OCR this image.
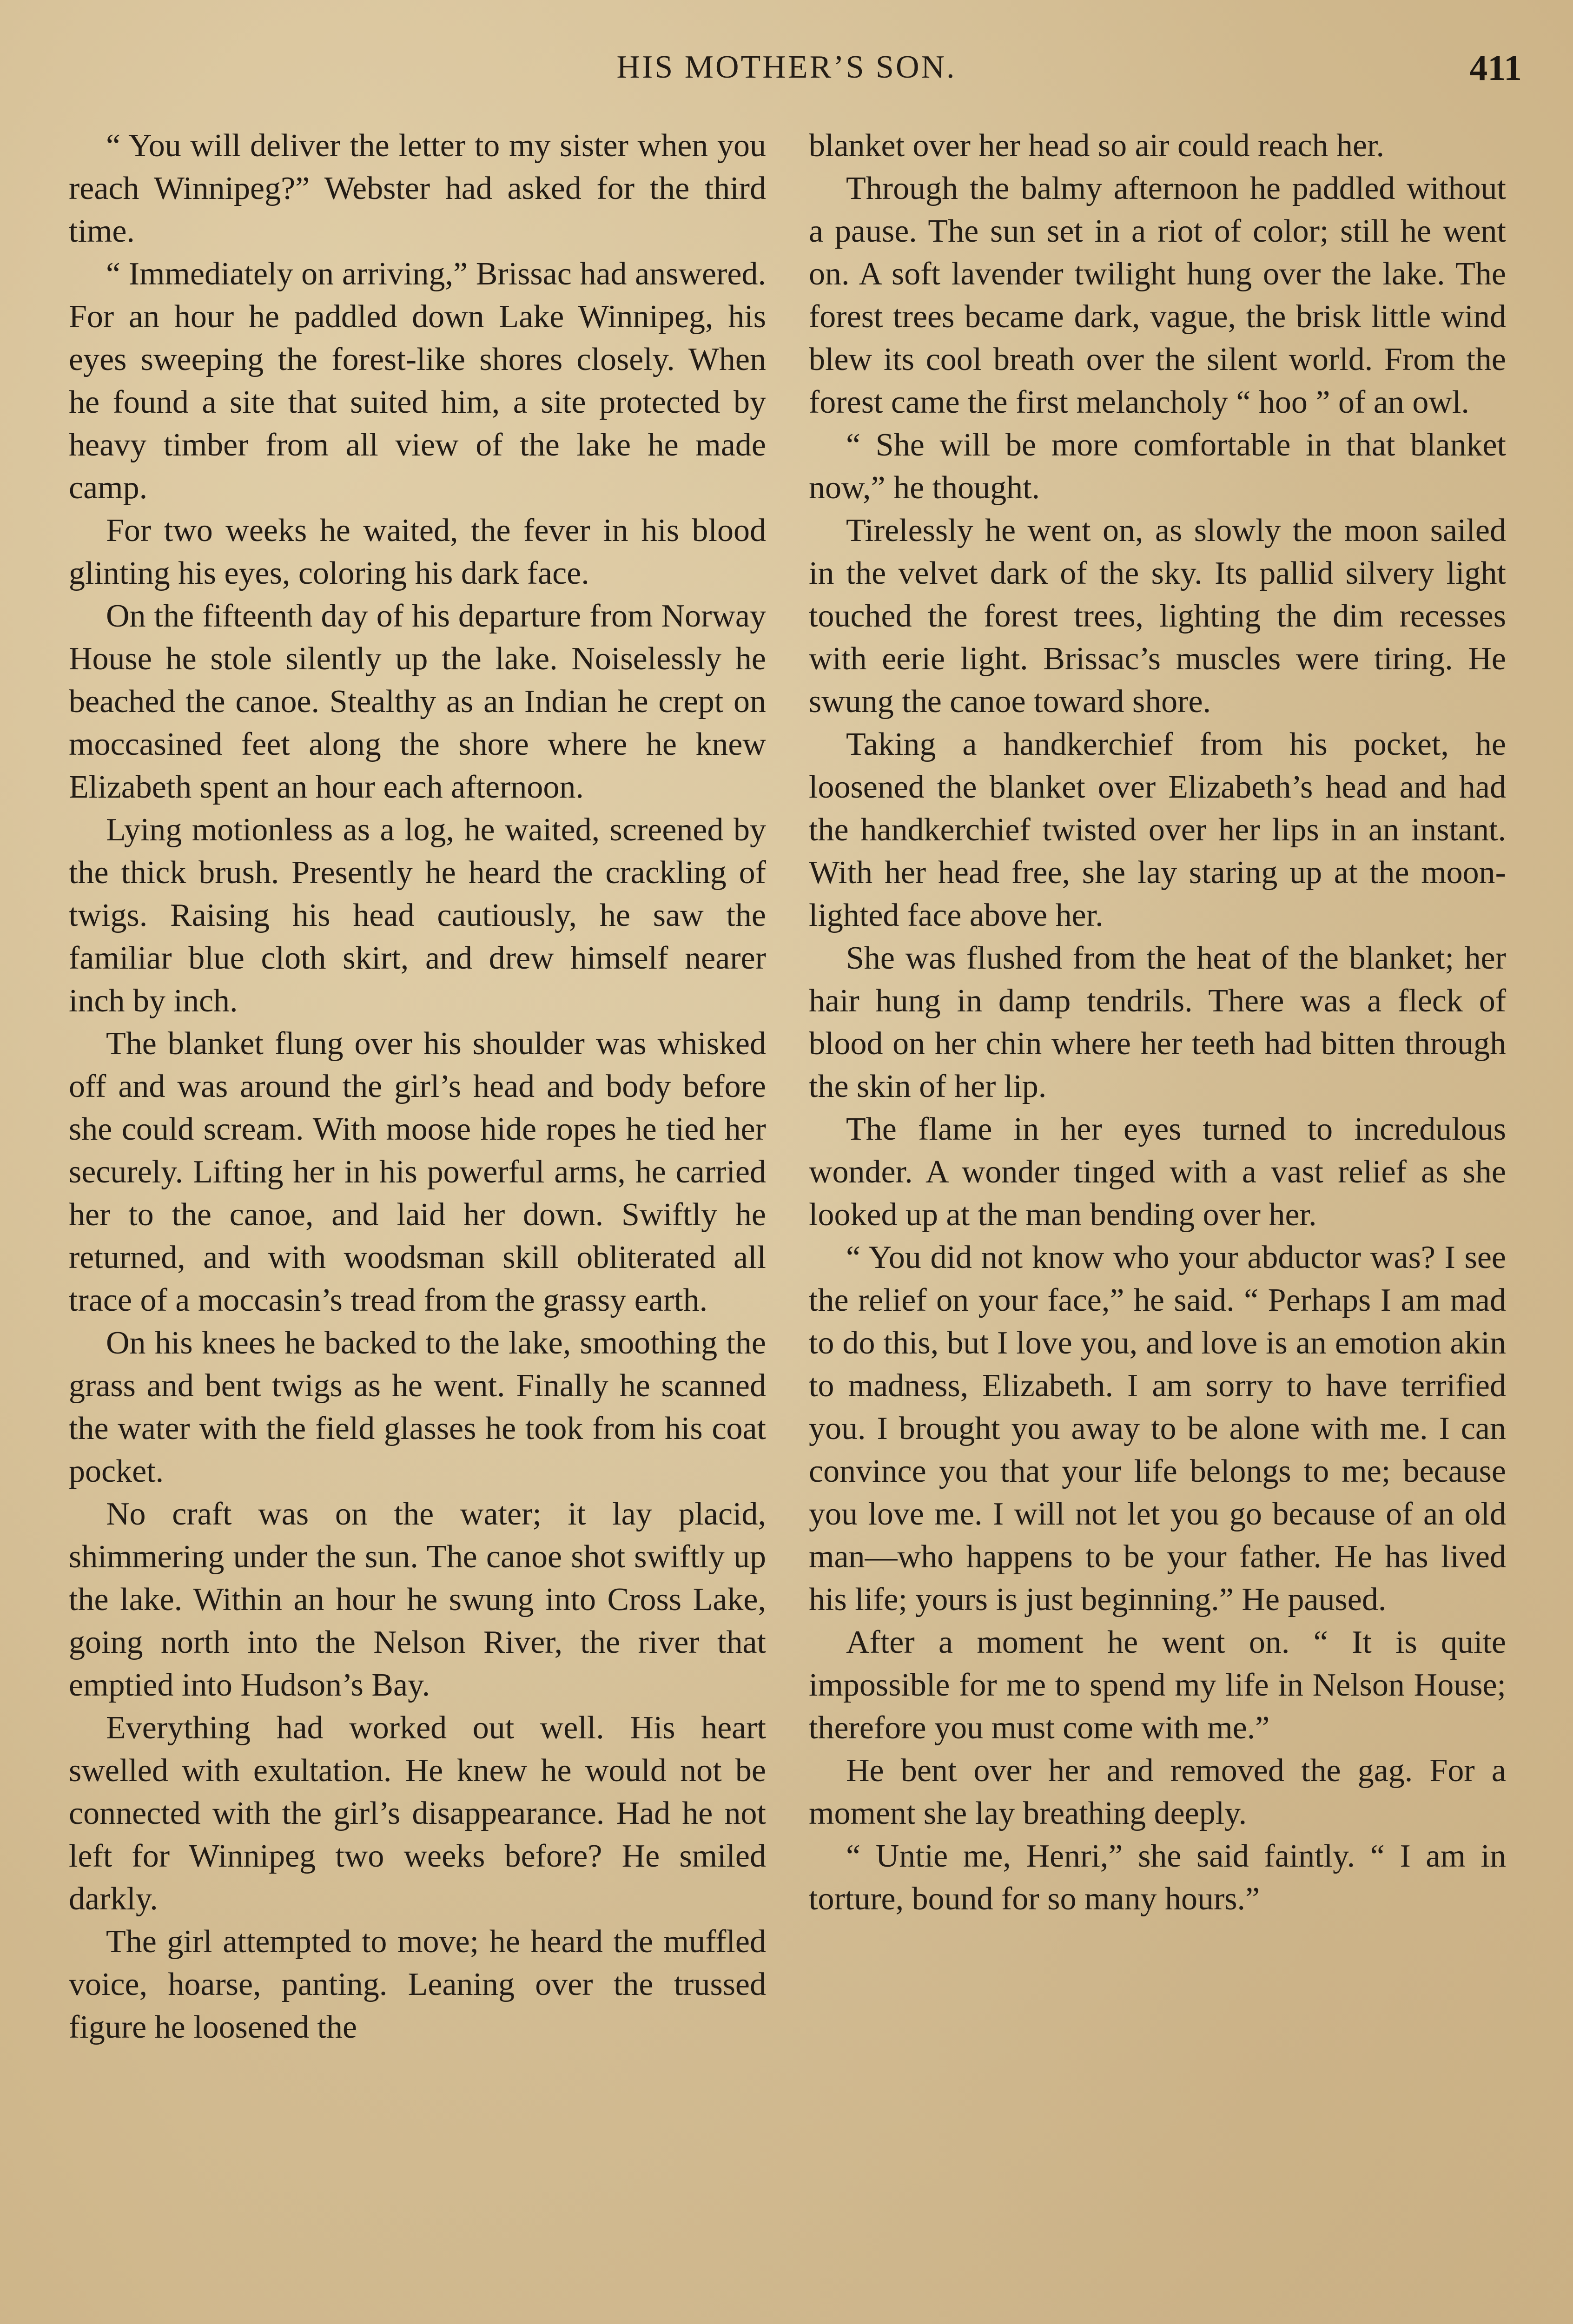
HIS MOTHER’S SON.	411

“ You will deliver the letter to my sister when you reach Winnipeg?” Webster had asked for the third time.

“ Immediately on arriving,” Brissac had answered. For an hour he paddled down Lake Winnipeg, his eyes sweeping the forest-like shores closely. When he found a site that suited him, a site protected by heavy timber from all view of the lake he made camp.

For two weeks he waited, the fever in his blood glinting his eyes, coloring his dark face.

On the fifteenth day of his departure from Norway House he stole silently up the lake. Noiselessly he beached the canoe. Stealthy as an Indian he crept on moccasined feet along the shore where he knew Elizabeth spent an hour each afternoon.

Lying motionless as a log, he waited, screened by the thick brush. Presently he heard the crackling of twigs. Raising his head cautiously, he saw the familiar blue cloth skirt, and drew himself nearer inch by inch.

The blanket flung over his shoulder was whisked off and was around the girl’s head and body before she could scream. With moose hide ropes he tied her securely. Lifting her in his powerful arms, he carried her to the canoe, and laid her down. Swiftly he returned, and with woodsman skill obliterated all trace of a moccasin’s tread from the grassy earth.

On his knees he backed to the lake, smoothing the grass and bent twigs as he went. Finally he scanned the water with the field glasses he took from his coat pocket.

No craft was on the water; it lay placid, shimmering under the sun. The canoe shot swiftly up the lake. Within an hour he swung into Cross Lake, going north into the Nelson River, the river that emptied into Hudson’s Bay.

Everything had worked out well. His heart swelled with exultation. He knew he would not be connected with the girl’s disappearance. Had he not left for Winnipeg two weeks before? He smiled darkly.

The girl attempted to move; he heard the muffled voice, hoarse, panting. Leaning over the trussed figure he loosened the

blanket over her head so air could reach her.

Through the balmy afternoon he paddled without a pause. The sun set in a riot of color; still he went on. A soft lavender twilight hung over the lake. The forest trees became dark, vague, the brisk little wind blew its cool breath over the silent world. From the forest came the first melancholy “ hoo ” of an owl.

“ She will be more comfortable in that blanket now,” he thought.

Tirelessly he went on, as slowly the moon sailed in the velvet dark of the sky. Its pallid silvery light touched the forest trees, lighting the dim recesses with eerie light. Brissac’s muscles were tiring. He swung the canoe toward shore.

Taking a handkerchief from his pocket, he loosened the blanket over Elizabeth’s head and had the handkerchief twisted over her lips in an instant. With her head free, she lay staring up at the moon-lighted face above her.

She was flushed from the heat of the blanket; her hair hung in damp tendrils. There was a fleck of blood on her chin where her teeth had bitten through the skin of her lip.

The flame in her eyes turned to incredulous wonder. A wonder tinged with a vast relief as she looked up at the man bending over her.

“ You did not know who your abductor was? I see the relief on your face,” he said. “ Perhaps I am mad to do this, but I love you, and love is an emotion akin to madness, Elizabeth. I am sorry to have terrified you. I brought you away to be alone with me. I can convince you that your life belongs to me; because you love me. I will not let you go because of an old man—who happens to be your father. He has lived his life; yours is just beginning.” He paused.

After a moment he went on. “ It is quite impossible for me to spend my life in Nelson House; therefore you must come with me.”

He bent over her and removed the gag. For a moment she lay breathing deeply.

“ Untie me, Henri,” she said faintly. “ I am in torture, bound for so many hours.”
